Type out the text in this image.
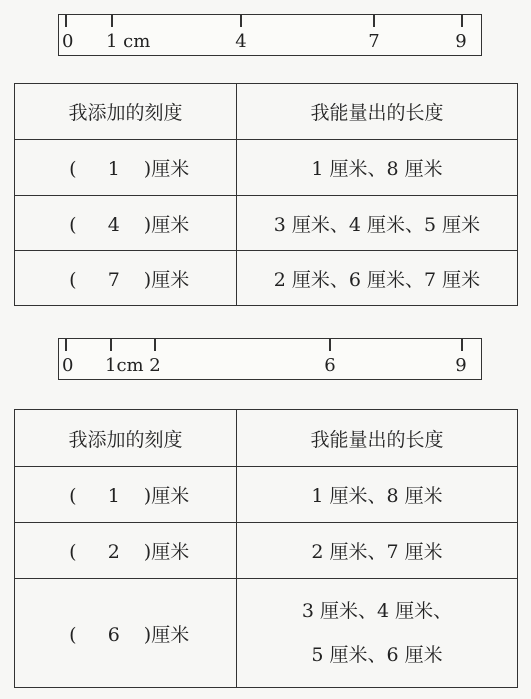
0 1 cm	4	7	9
我添加的刻度	我能量出的长度
( 1 )厘米	1 厘米、8 厘米
( 4 )厘米	3 厘米、4 厘米、5 厘米
( 7 )厘米	2 厘米、6 厘米、7 厘米
0 1cm 2	6	9
我添加的刻度	我能量出的长度
( 1 )厘米	1 厘米、8 厘米
( 2 )厘米	2 厘米、7 厘米
( 6 )厘米	3 厘米、4 厘米、
5 厘米、6 厘米
